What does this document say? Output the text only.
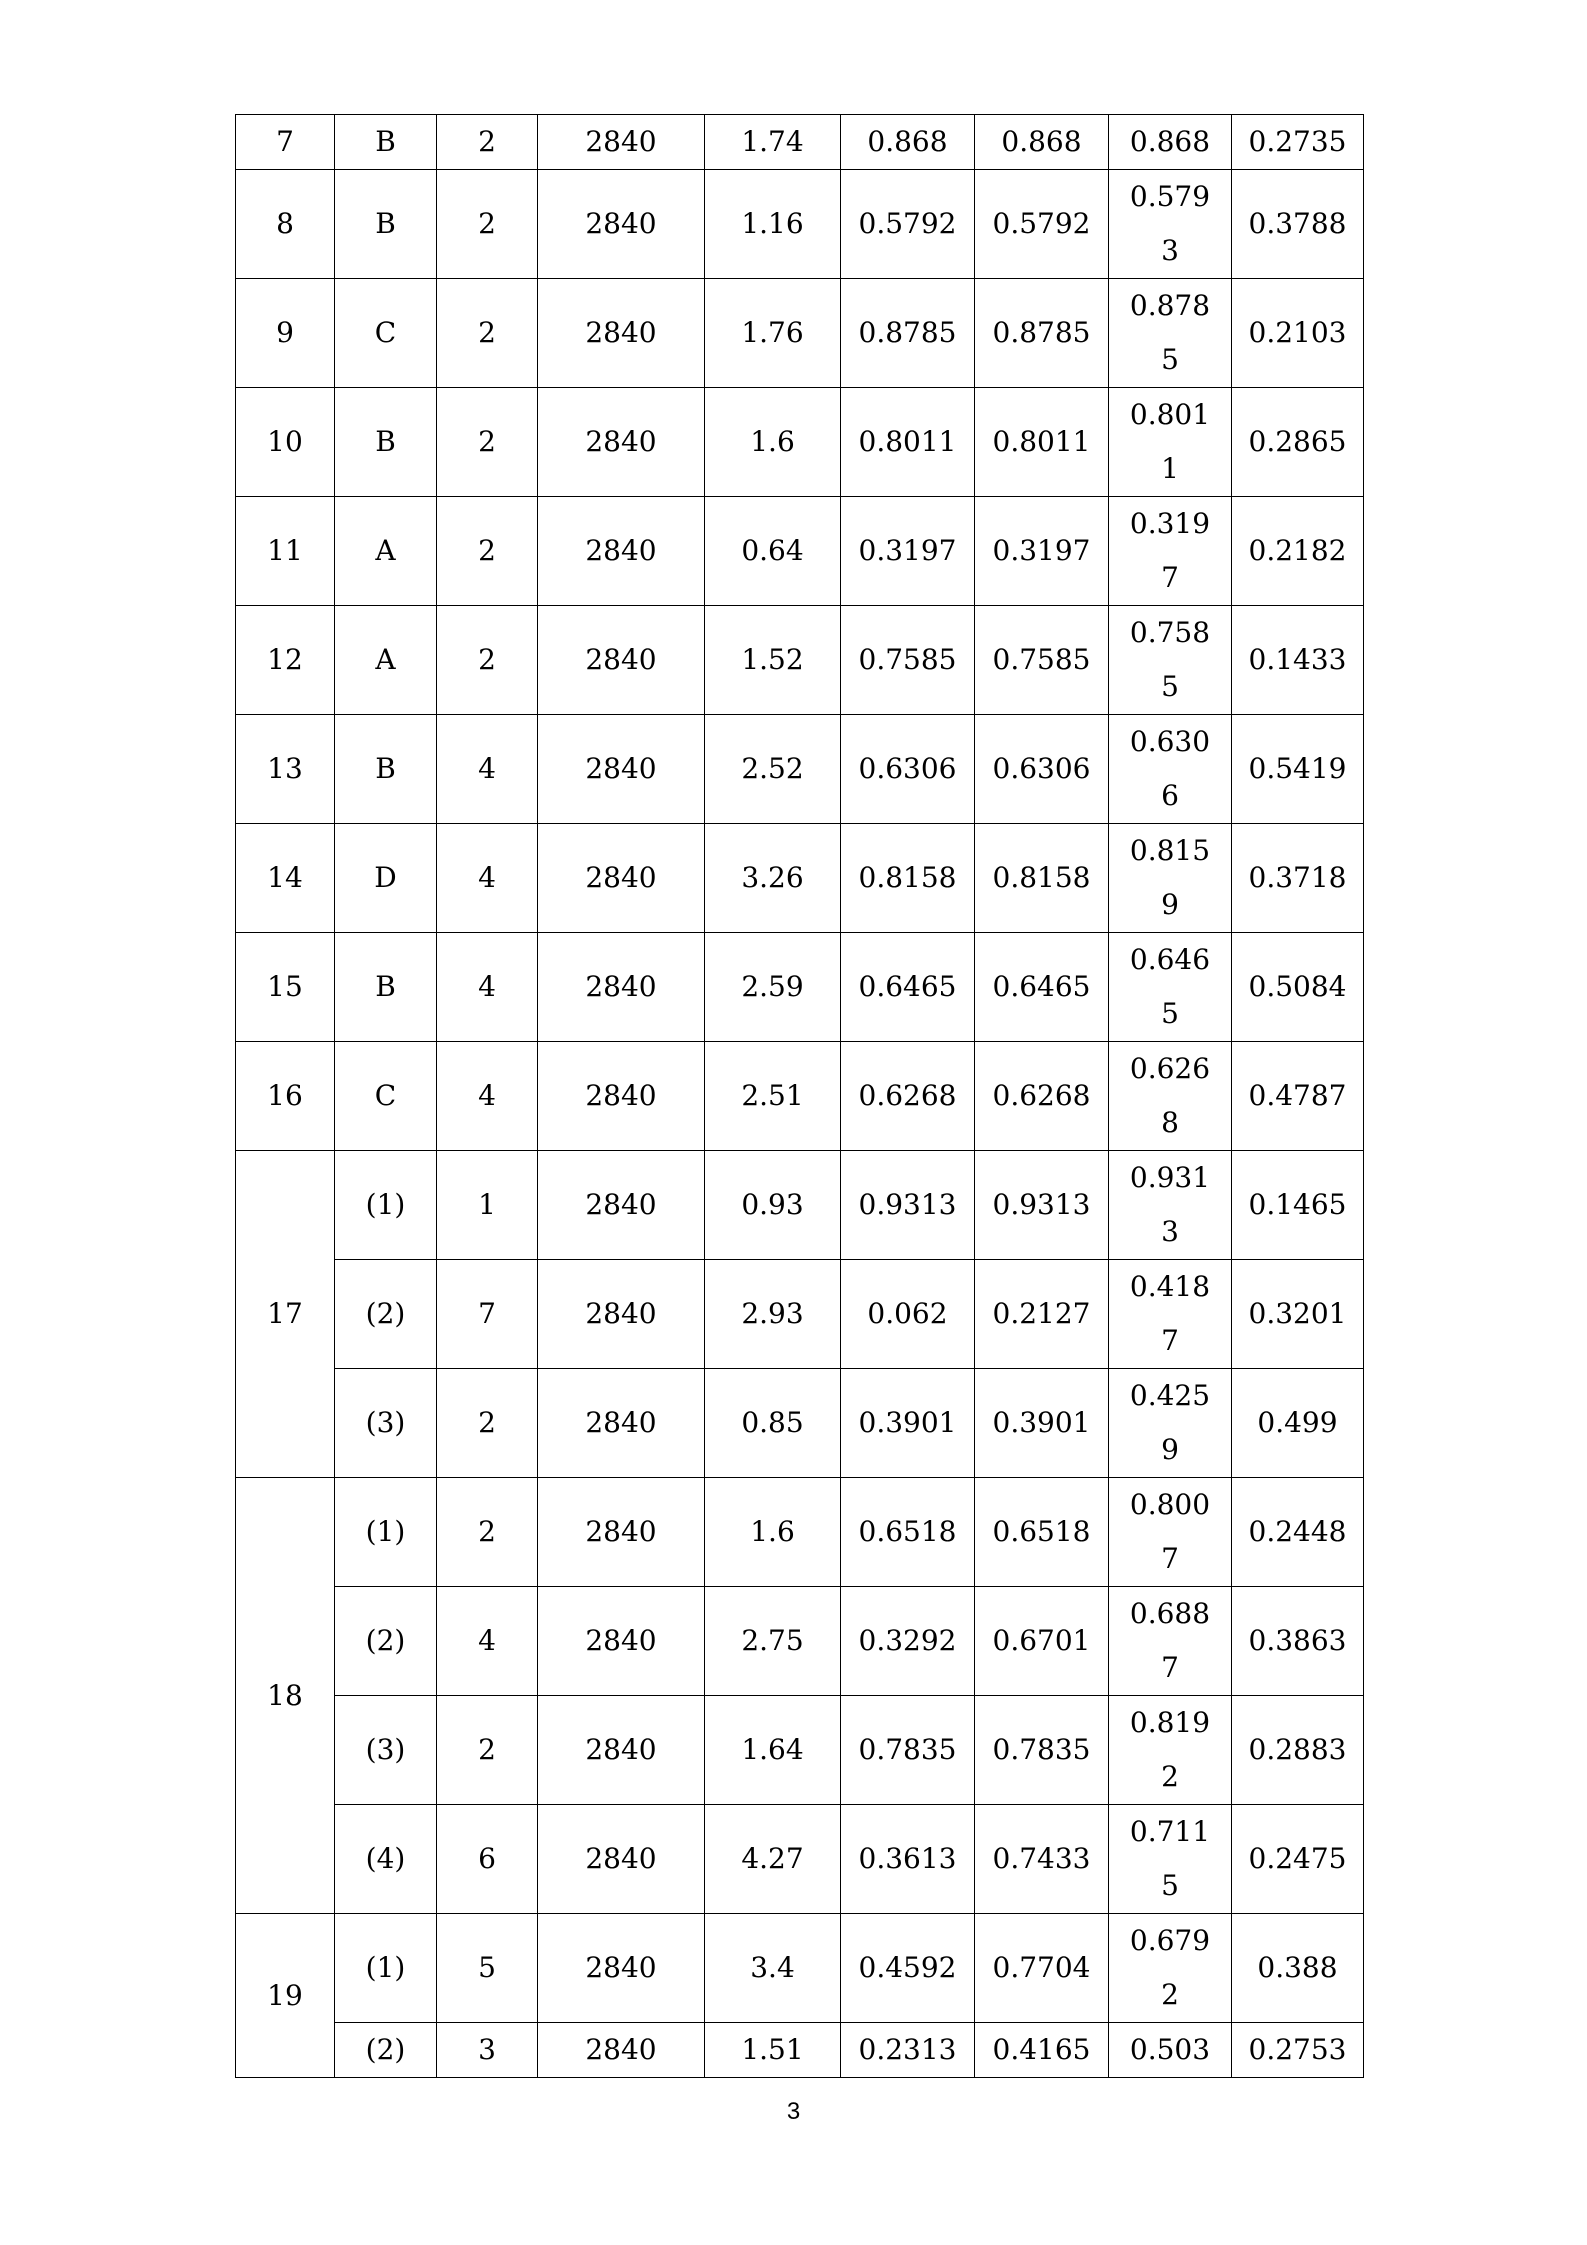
7	B	2	2840	1.74	0.868	0.868	0.868	0.2735
8	B	2	2840	1.16	0.5792	0.5792	0.5793	0.3788
9	C	2	2840	1.76	0.8785	0.8785	0.8785	0.2103
10	B	2	2840	1.6	0.8011	0.8011	0.8011	0.2865
11	A	2	2840	0.64	0.3197	0.3197	0.3197	0.2182
12	A	2	2840	1.52	0.7585	0.7585	0.7585	0.1433
13	B	4	2840	2.52	0.6306	0.6306	0.6306	0.5419
14	D	4	2840	3.26	0.8158	0.8158	0.8159	0.3718
15	B	4	2840	2.59	0.6465	0.6465	0.6465	0.5084
16	C	4	2840	2.51	0.6268	0.6268	0.6268	0.4787
17	(1)	1	2840	0.93	0.9313	0.9313	0.9313	0.1465
	(2)	7	2840	2.93	0.062	0.2127	0.4187	0.3201
	(3)	2	2840	0.85	0.3901	0.3901	0.4259	0.499
18	(1)	2	2840	1.6	0.6518	0.6518	0.8007	0.2448
	(2)	4	2840	2.75	0.3292	0.6701	0.6887	0.3863
	(3)	2	2840	1.64	0.7835	0.7835	0.8192	0.2883
	(4)	6	2840	4.27	0.3613	0.7433	0.7115	0.2475
19	(1)	5	2840	3.4	0.4592	0.7704	0.6792	0.388
	(2)	3	2840	1.51	0.2313	0.4165	0.503	0.2753
3
